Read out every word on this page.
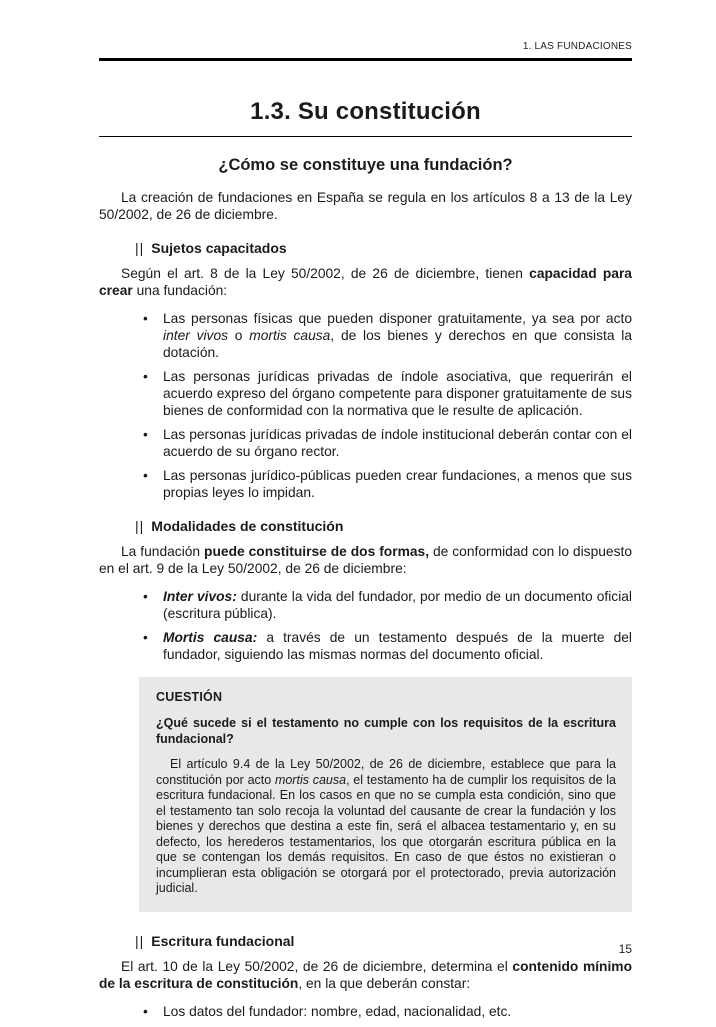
1. LAS FUNDACIONES
1.3. Su constitución
¿Cómo se constituye una fundación?

La creación de fundaciones en España se regula en los artículos 8 a 13 de la Ley 50/2002, de 26 de diciembre.

|| Sujetos capacitados

Según el art. 8 de la Ley 50/2002, de 26 de diciembre, tienen capacidad para crear una fundación:

•	Las personas físicas que pueden disponer gratuitamente, ya sea por acto inter vivos o mortis causa, de los bienes y derechos en que consista la dotación.
•	Las personas jurídicas privadas de índole asociativa, que requerirán el acuerdo expreso del órgano competente para disponer gratuitamente de sus bienes de conformidad con la normativa que le resulte de aplicación.
•	Las personas jurídicas privadas de índole institucional deberán contar con el acuerdo de su órgano rector.
•	Las personas jurídico-públicas pueden crear fundaciones, a menos que sus propias leyes lo impidan.
|| Modalidades de constitución

La fundación puede constituirse de dos formas, de conformidad con lo dispuesto en el art. 9 de la Ley 50/2002, de 26 de diciembre:

•	Inter vivos: durante la vida del fundador, por medio de un documento oficial (escritura pública).
•	Mortis causa: a través de un testamento después de la muerte del fundador, siguiendo las mismas normas del documento oficial.
CUESTIÓN
¿Qué sucede si el testamento no cumple con los requisitos de la escritura fundacional?
El artículo 9.4 de la Ley 50/2002, de 26 de diciembre, establece que para la constitución por acto mortis causa, el testamento ha de cumplir los requisitos de la escritura fundacional. En los casos en que no se cumpla esta condición, sino que el testamento tan solo recoja la voluntad del causante de crear la fundación y los bienes y derechos que destina a este fin, será el albacea testamentario y, en su defecto, los herederos testamentarios, los que otorgarán escritura pública en la que se contengan los demás requisitos. En caso de que éstos no existieran o incumplieran esta obligación se otorgará por el protectorado, previa autorización judicial.
|| Escritura fundacional

El art. 10 de la Ley 50/2002, de 26 de diciembre, determina el contenido mínimo de la escritura de constitución, en la que deberán constar:

•	Los datos del fundador: nombre, edad, nacionalidad, etc.
15
